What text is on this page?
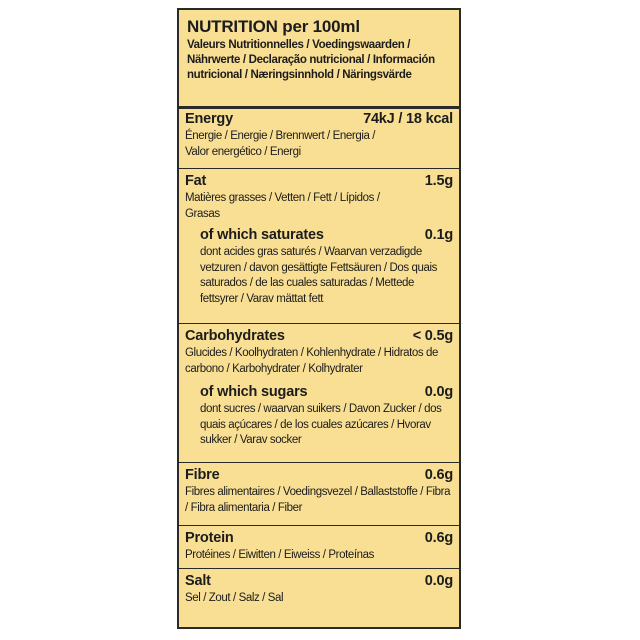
NUTRITION per 100ml
Valeurs Nutritionnelles / Voedingswaarden / Nährwerte / Declaração nutricional / Información nutricional / Næringsinnhold / Näringsvärde
Energy	74kJ / 18 kcal
Énergie / Energie / Brennwert / Energia / Valor energético / Energi
Fat	1.5g
Matières grasses / Vetten / Fett / Lípidos / Grasas
of which saturates	0.1g
dont acides gras saturés / Waarvan verzadigde vetzuren / davon gesättigte Fettsäuren / Dos quais saturados / de las cuales saturadas / Mettede fettsyrer / Varav mättat fett
Carbohydrates	< 0.5g
Glucides / Koolhydraten / Kohlenhydrate / Hidratos de carbono / Karbohydrater / Kolhydrater
of which sugars	0.0g
dont sucres / waarvan suikers / Davon Zucker / dos quais açúcares / de los cuales azúcares / Hvorav sukker / Varav socker
Fibre	0.6g
Fibres alimentaires / Voedingsvezel / Ballaststoffe / Fibra / Fibra alimentaria / Fiber
Protein	0.6g
Protéines / Eiwitten / Eiweiss / Proteínas
Salt	0.0g
Sel / Zout / Salz / Sal
